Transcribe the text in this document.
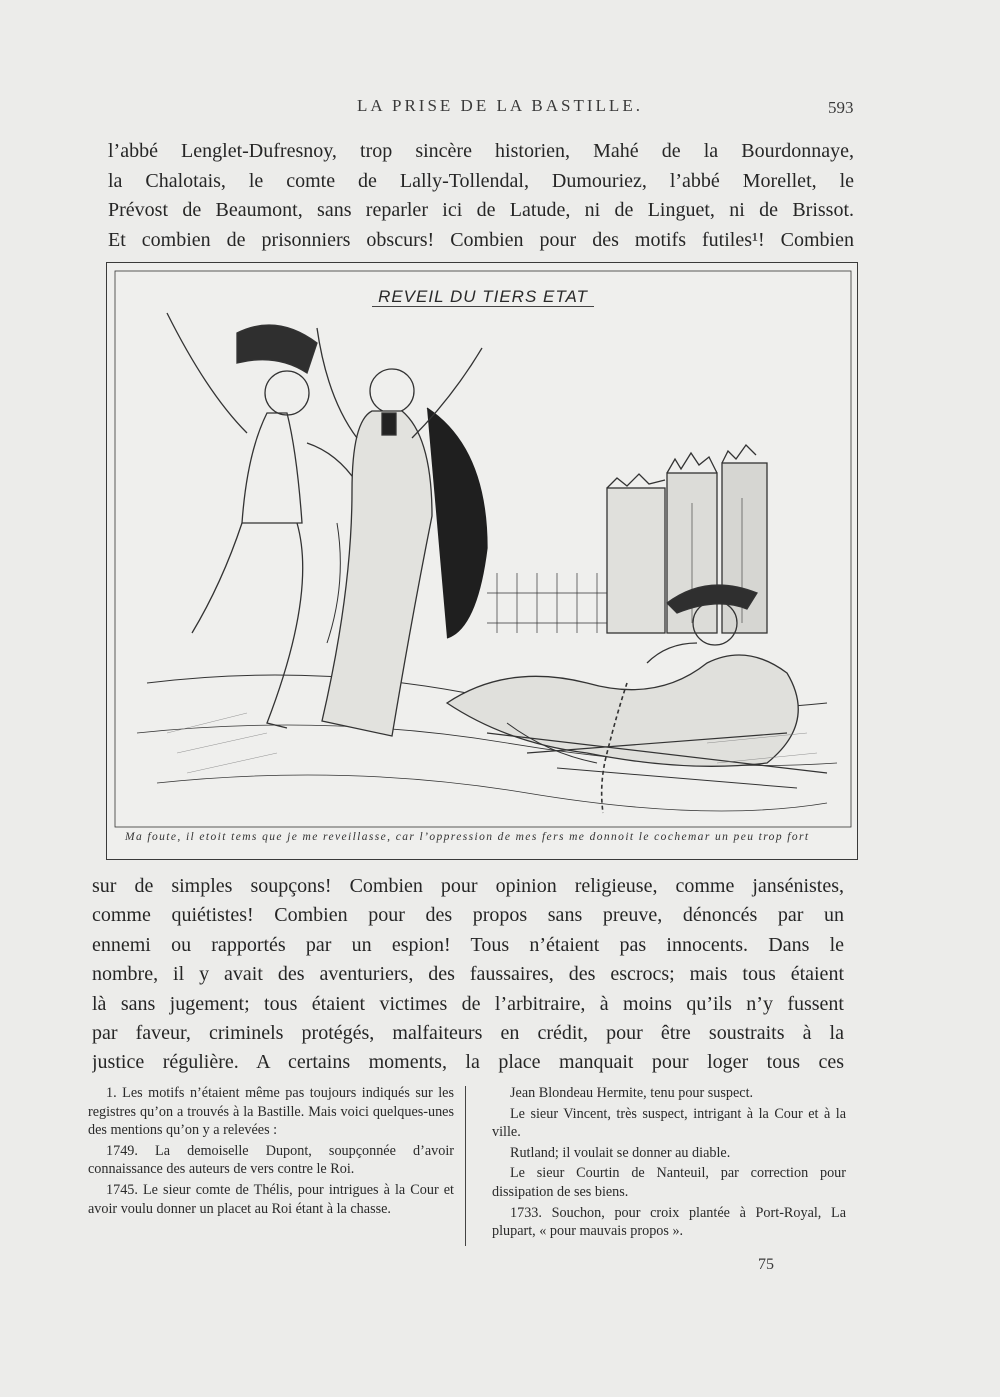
LA PRISE DE LA BASTILLE.	593
l’abbé Lenglet-Dufresnoy, trop sincère historien, Mahé de la Bourdonnaye,
la Chalotais, le comte de Lally-Tollendal, Dumouriez, l’abbé Morellet, le
Prévost de Beaumont, sans reparler ici de Latude, ni de Linguet, ni de Brissot.
Et combien de prisonniers obscurs! Combien pour des motifs futiles¹! Combien
REVEIL DU TIERS ETAT
Ma foute, il etoit tems que je me reveillasse, car l’oppression de mes fers me donnoit le cochemar un peu trop fort
sur de simples soupçons! Combien pour opinion religieuse, comme jansénistes,
comme quiétistes! Combien pour des propos sans preuve, dénoncés par un
ennemi ou rapportés par un espion! Tous n’étaient pas innocents. Dans le
nombre, il y avait des aventuriers, des faussaires, des escrocs; mais tous étaient
là sans jugement; tous étaient victimes de l’arbitraire, à moins qu’ils n’y fussent
par faveur, criminels protégés, malfaiteurs en crédit, pour être soustraits à la
justice régulière. A certains moments, la place manquait pour loger tous ces

1. Les motifs n’étaient même pas toujours indiqués sur les registres qu’on a trouvés à la Bastille. Mais voici quelques-unes des mentions qu’on y a relevées :

1749. La demoiselle Dupont, soupçonnée d’avoir connaissance des auteurs de vers contre le Roi.

1745. Le sieur comte de Thélis, pour intrigues à la Cour et avoir voulu donner un placet au Roi étant à la chasse.

Jean Blondeau Hermite, tenu pour suspect.

Le sieur Vincent, très suspect, intrigant à la Cour et à la ville.

Rutland; il voulait se donner au diable.

Le sieur Courtin de Nanteuil, par correction pour dissipation de ses biens.

1733. Souchon, pour croix plantée à Port-Royal, La plupart, « pour mauvais propos ».

75
